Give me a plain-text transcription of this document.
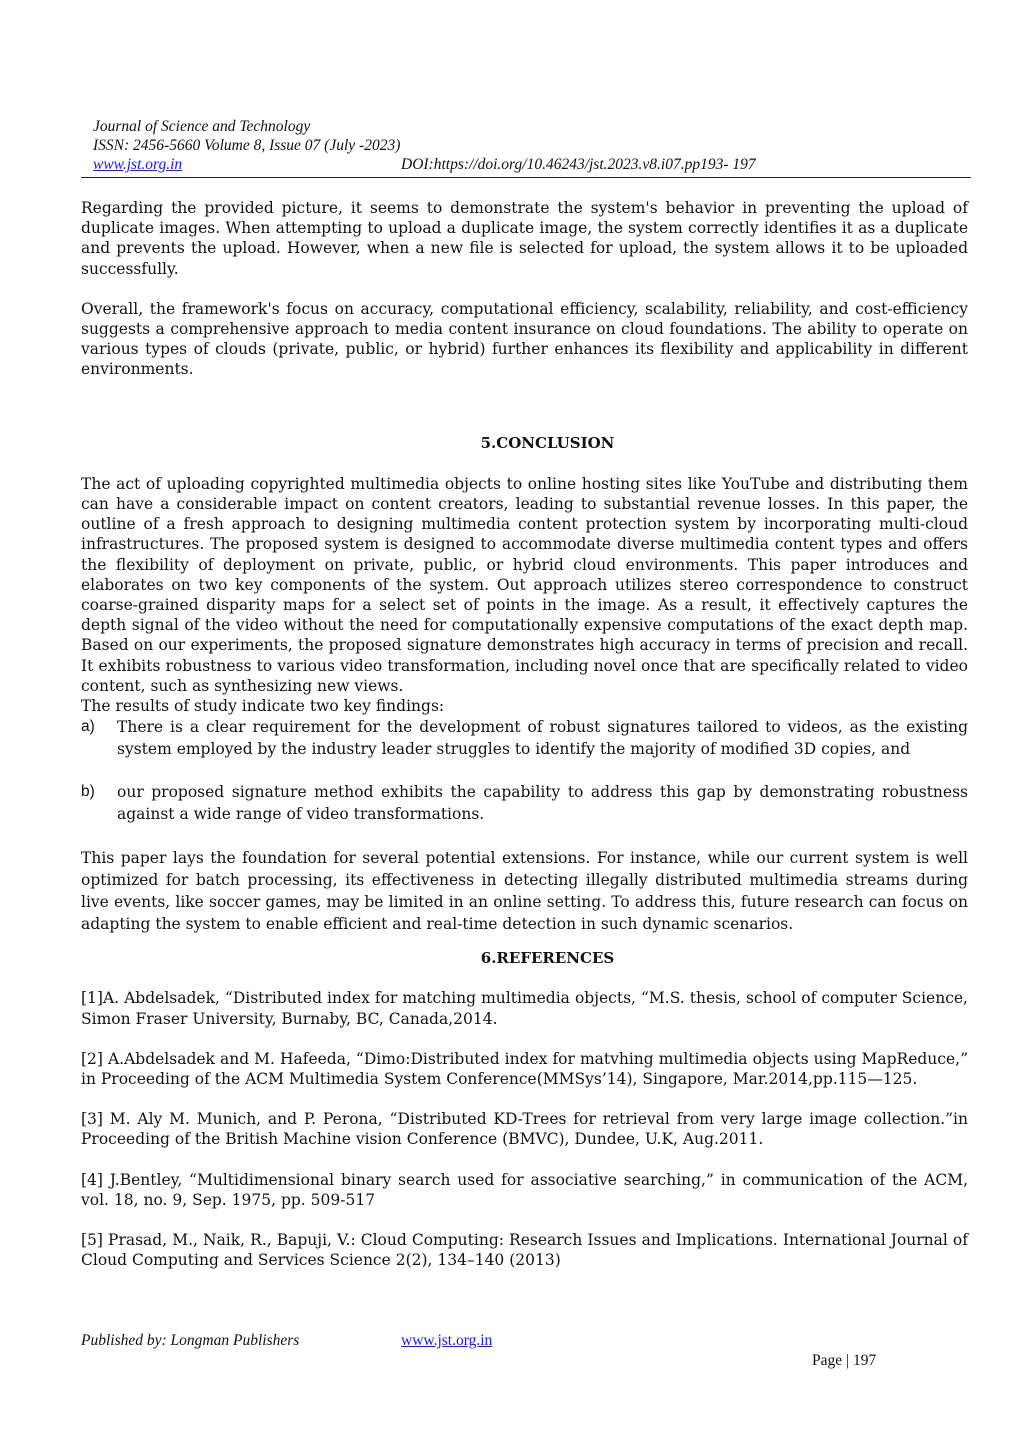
Journal of Science and Technology
ISSN: 2456-5660 Volume 8, Issue 07 (July -2023)
www.jst.org.in	DOI:https://doi.org/10.46243/jst.2023.v8.i07.pp193- 197

Regarding the provided picture, it seems to demonstrate the system's behavior in preventing the upload of duplicate images. When attempting to upload a duplicate image, the system correctly identifies it as a duplicate and prevents the upload. However, when a new file is selected for upload, the system allows it to be uploaded successfully.

Overall, the framework's focus on accuracy, computational efficiency, scalability, reliability, and cost-efficiency suggests a comprehensive approach to media content insurance on cloud foundations. The ability to operate on various types of clouds (private, public, or hybrid) further enhances its flexibility and applicability in different environments.

5.CONCLUSION

The act of uploading copyrighted multimedia objects to online hosting sites like YouTube and distributing them can have a considerable impact on content creators, leading to substantial revenue losses. In this paper, the outline of a fresh approach to designing multimedia content protection system by incorporating multi-cloud infrastructures. The proposed system is designed to accommodate diverse multimedia content types and offers the flexibility of deployment on private, public, or hybrid cloud environments. This paper introduces and elaborates on two key components of the system. Out approach utilizes stereo correspondence to construct coarse-grained disparity maps for a select set of points in the image. As a result, it effectively captures the depth signal of the video without the need for computationally expensive computations of the exact depth map. Based on our experiments, the proposed signature demonstrates high accuracy in terms of precision and recall. It exhibits robustness to various video transformation, including novel once that are specifically related to video content, such as synthesizing new views.

The results of study indicate two key findings:

a)	There is a clear requirement for the development of robust signatures tailored to videos, as the existing system employed by the industry leader struggles to identify the majority of modified 3D copies, and
b)	our proposed signature method exhibits the capability to address this gap by demonstrating robustness against a wide range of video transformations.

This paper lays the foundation for several potential extensions. For instance, while our current system is well optimized for batch processing, its effectiveness in detecting illegally distributed multimedia streams during live events, like soccer games, may be limited in an online setting. To address this, future research can focus on adapting the system to enable efficient and real-time detection in such dynamic scenarios.

6.REFERENCES

[1]A. Abdelsadek, “Distributed index for matching multimedia objects, “M.S. thesis, school of computer Science, Simon Fraser University, Burnaby, BC, Canada,2014.

[2] A.Abdelsadek and M. Hafeeda, “Dimo:Distributed index for matvhing multimedia objects using MapReduce,” in Proceeding of the ACM Multimedia System Conference(MMSys’14), Singapore, Mar.2014,pp.115—125.

[3] M. Aly M. Munich, and P. Perona, “Distributed KD-Trees for retrieval from very large image collection.”in Proceeding of the British Machine vision Conference (BMVC), Dundee, U.K, Aug.2011.

[4] J.Bentley, “Multidimensional binary search used for associative searching,” in communication of the ACM, vol. 18, no. 9, Sep. 1975, pp. 509-517

[5] Prasad, M., Naik, R., Bapuji, V.: Cloud Computing: Research Issues and Implications. International Journal of Cloud Computing and Services Science 2(2), 134–140 (2013)

Published by: Longman Publishers	www.jst.org.in
Page | 197
